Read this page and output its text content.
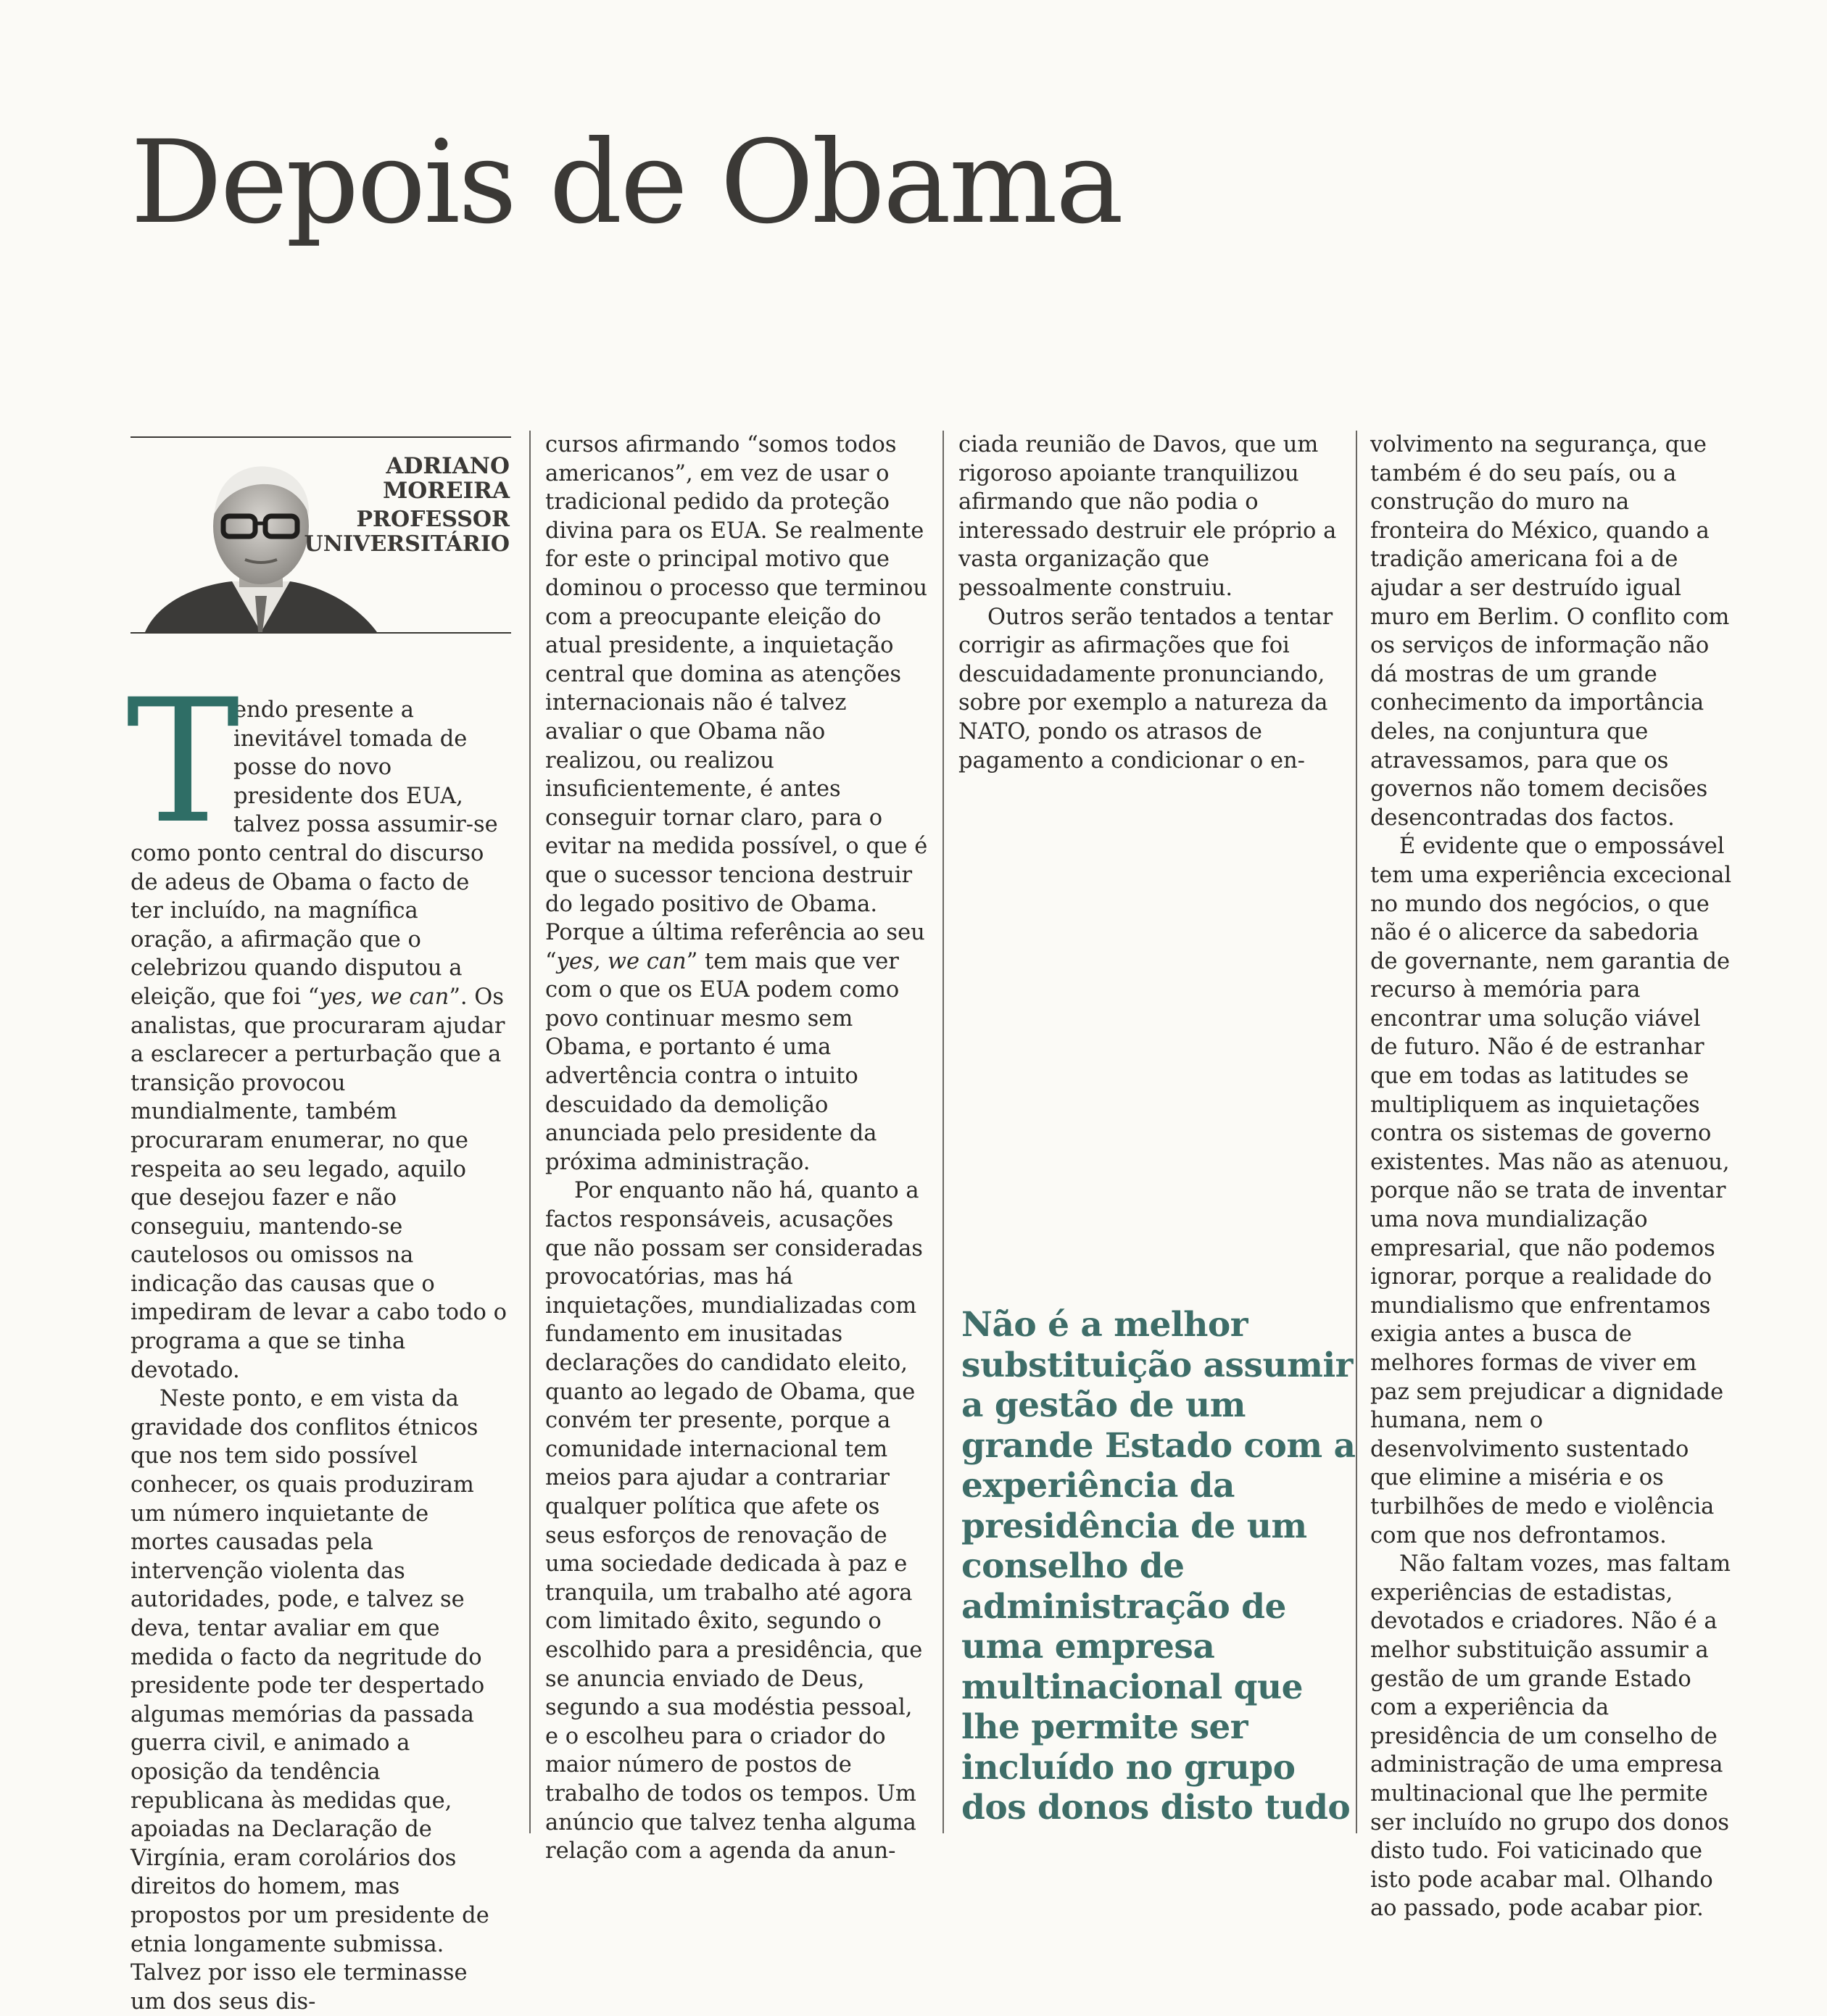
Depois de Obama
ADRIANO
MOREIRA
PROFESSOR
UNIVERSITÁRIO

T
endo presente a inevitável tomada de posse do novo presidente dos EUA, talvez possa assumir-se como ponto central do discurso de adeus de Obama o facto de ter incluído, na magnífica oração, a afirmação que o celebrizou quando disputou a eleição, que foi “yes, we can”. Os analistas, que procuraram ajudar a esclarecer a perturbação que a transição provocou mundialmente, também procuraram enumerar, no que respeita ao seu legado, aquilo que desejou fazer e não conseguiu, mantendo-se cautelosos ou omissos na indicação das causas que o impediram de levar a cabo todo o programa a que se tinha devotado.

Neste ponto, e em vista da gravidade dos conflitos étnicos que nos tem sido possível conhecer, os quais produziram um número inquietante de mortes causadas pela intervenção violenta das autoridades, pode, e talvez se deva, tentar avaliar em que medida o facto da negritude do presidente pode ter despertado algumas memórias da passada guerra civil, e animado a oposição da tendência republicana às medidas que, apoiadas na Declaração de Virgínia, eram corolários dos direitos do homem, mas propostos por um presidente de etnia longamente submissa. Talvez por isso ele terminasse um dos seus dis-

cursos afirmando “somos todos americanos”, em vez de usar o tradicional pedido da proteção divina para os EUA. Se realmente for este o principal motivo que dominou o processo que terminou com a preocupante eleição do atual presidente, a inquietação central que domina as atenções internacionais não é talvez avaliar o que Obama não realizou, ou realizou insuficientemente, é antes conseguir tornar claro, para o evitar na medida possível, o que é que o sucessor tenciona destruir do legado positivo de Obama. Porque a última referência ao seu “yes, we can” tem mais que ver com o que os EUA podem como povo continuar mesmo sem Obama, e portanto é uma advertência contra o intuito descuidado da demolição anunciada pelo presidente da próxima administração.

Por enquanto não há, quanto a factos responsáveis, acusações que não possam ser consideradas provocatórias, mas há inquietações, mundializadas com fundamento em inusitadas declarações do candidato eleito, quanto ao legado de Obama, que convém ter presente, porque a comunidade internacional tem meios para ajudar a contrariar qualquer política que afete os seus esforços de renovação de uma sociedade dedicada à paz e tranquila, um trabalho até agora com limitado êxito, segundo o escolhido para a presidência, que se anuncia enviado de Deus, segundo a sua modéstia pessoal, e o escolheu para o criador do maior número de postos de trabalho de todos os tempos. Um anúncio que talvez tenha alguma relação com a agenda da anun-

ciada reunião de Davos, que um rigoroso apoiante tranquilizou afirmando que não podia o interessado destruir ele próprio a vasta organização que pessoalmente construiu.

Outros serão tentados a tentar corrigir as afirmações que foi descuidadamente pronunciando, sobre por exemplo a natureza da NATO, pondo os atrasos de pagamento a condicionar o en-

Não é a melhor substituição assumir a gestão de um grande Estado com a experiência da presidência de um conselho de administração de uma empresa multinacional que lhe permite ser incluído no grupo dos donos disto tudo

volvimento na segurança, que também é do seu país, ou a construção do muro na fronteira do México, quando a tradição americana foi a de ajudar a ser destruído igual muro em Berlim. O conflito com os serviços de informação não dá mostras de um grande conhecimento da importância deles, na conjuntura que atravessamos, para que os governos não tomem decisões desencontradas dos factos.

É evidente que o empossável tem uma experiência excecional no mundo dos negócios, o que não é o alicerce da sabedoria de governante, nem garantia de recurso à memória para encontrar uma solução viável de futuro. Não é de estranhar que em todas as latitudes se multipliquem as inquietações contra os sistemas de governo existentes. Mas não as atenuou, porque não se trata de inventar uma nova mundialização empresarial, que não podemos ignorar, porque a realidade do mundialismo que enfrentamos exigia antes a busca de melhores formas de viver em paz sem prejudicar a dignidade humana, nem o desenvolvimento sustentado que elimine a miséria e os turbilhões de medo e violência com que nos defrontamos.

Não faltam vozes, mas faltam experiências de estadistas, devotados e criadores. Não é a melhor substituição assumir a gestão de um grande Estado com a experiência da presidência de um conselho de administração de uma empresa multinacional que lhe permite ser incluído no grupo dos donos disto tudo. Foi vaticinado que isto pode acabar mal. Olhando ao passado, pode acabar pior.
